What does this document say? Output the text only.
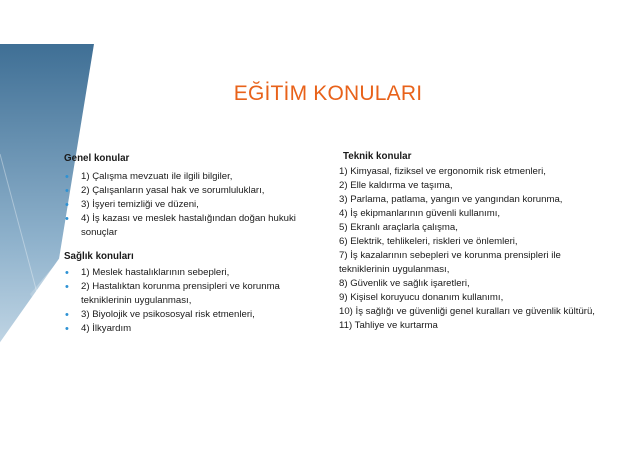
EĞİTİM KONULARI
Genel konular
• 1) Çalışma mevzuatı ile ilgili bilgiler,
• 2) Çalışanların yasal hak ve sorumlulukları,
• 3) İşyeri temizliği ve düzeni,
• 4) İş kazası ve meslek hastalığından doğan hukuki sonuçlar
Sağlık konuları
• 1) Meslek hastalıklarının sebepleri,
• 2) Hastalıktan korunma prensipleri ve korunma tekniklerinin uygulanması,
• 3) Biyolojik ve psikososyal risk etmenleri,
• 4) İlkyardım
Teknik konular
1) Kimyasal, fiziksel ve ergonomik risk etmenleri,
2) Elle kaldırma ve taşıma,
3) Parlama, patlama, yangın ve yangından korunma,
4) İş ekipmanlarının güvenli kullanımı,
5) Ekranlı araçlarla çalışma,
6) Elektrik, tehlikeleri, riskleri ve önlemleri,
7) İş kazalarının sebepleri ve korunma prensipleri ile tekniklerinin uygulanması,
8) Güvenlik ve sağlık işaretleri,
9) Kişisel koruyucu donanım kullanımı,
10) İş sağlığı ve güvenliği genel kuralları ve güvenlik kültürü,
11) Tahliye ve kurtarma
